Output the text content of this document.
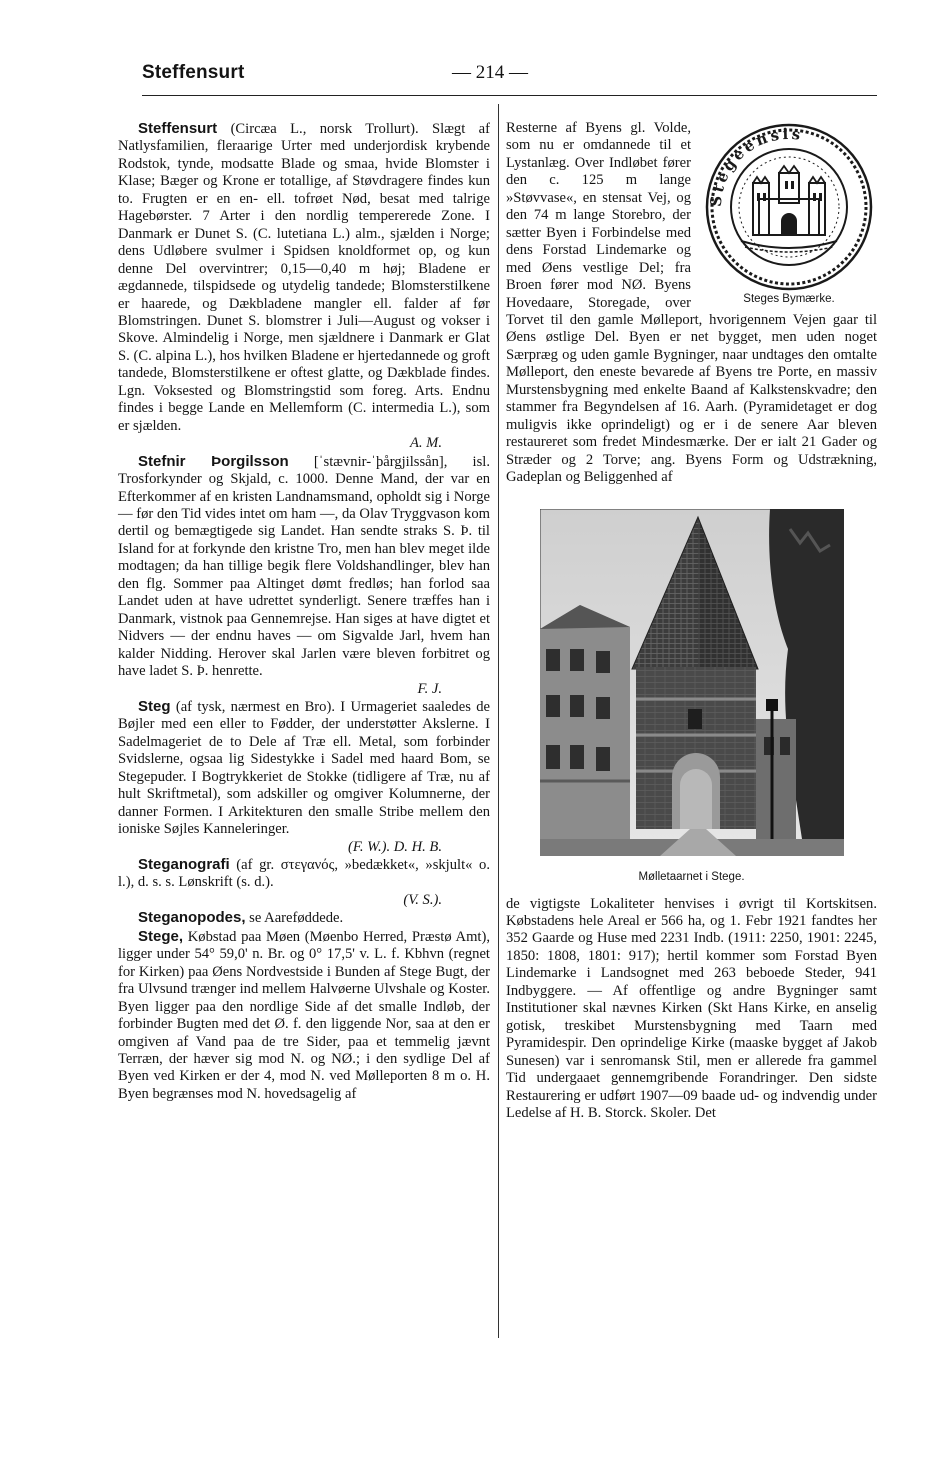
Steffensurt	— 214 —

Steffensurt (Circæa L., norsk Trollurt). Slægt af Natlysfamilien, fleraarige Urter med underjordisk krybende Rodstok, tynde, modsatte Blade og smaa, hvide Blomster i Klase; Bæger og Krone er totallige, af Støvdragere findes kun to. Frugten er en en- ell. tofrøet Nød, besat med talrige Hagebørster. 7 Arter i den nordlig tempererede Zone. I Danmark er Dunet S. (C. lutetiana L.) alm., sjælden i Norge; dens Udløbere svulmer i Spidsen knoldformet op, og kun denne Del overvintrer; 0,15—0,40 m høj; Bladene er ægdannede, tilspidsede og utydelig tandede; Blomsterstilkene er haarede, og Dækbladene mangler ell. falder af før Blomstringen. Dunet S. blomstrer i Juli—August og vokser i Skove. Almindelig i Norge, men sjældnere i Danmark er Glat S. (C. alpina L.), hos hvilken Bladene er hjertedannede og groft tandede, Blomsterstilkene er oftest glatte, og Dækblade findes. Lgn. Voksested og Blomstringstid som foreg. Arts. Endnu findes i begge Lande en Mellemform (C. intermedia L.), som er sjælden.
A. M.

Stefnir Þorgilsson [ˈstævnir-ˈþårgjilssån], isl. Trosforkynder og Skjald, c. 1000. Denne Mand, der var en Efterkommer af en kristen Landnamsmand, opholdt sig i Norge — før den Tid vides intet om ham —, da Olav Tryggvason kom dertil og bemægtigede sig Landet. Han sendte straks S. Þ. til Island for at forkynde den kristne Tro, men han blev meget ilde modtagen; da han tillige begik flere Voldshandlinger, blev han den flg. Sommer paa Altinget dømt fredløs; han forlod saa Landet uden at have udrettet synderligt. Senere træffes han i Danmark, vistnok paa Gennemrejse. Han siges at have digtet et Nidvers — der endnu haves — om Sigvalde Jarl, hvem han kalder Nidding. Herover skal Jarlen være bleven forbitret og have ladet S. Þ. henrette.
F. J.

Steg (af tysk, nærmest en Bro). I Urmageriet saaledes de Bøjler med een eller to Fødder, der understøtter Akslerne. I Sadelmageriet de to Dele af Træ ell. Metal, som forbinder Svidslerne, ogsaa lig Sidestykke i Sadel med haard Bom, se Stegepuder. I Bogtrykkeriet de Stokke (tidligere af Træ, nu af hult Skriftmetal), som adskiller og omgiver Kolumnerne, der danner Formen. I Arkitekturen den smalle Stribe mellem den ioniske Søjles Kanneleringer.
(F. W.). D. H. B.

Steganografi (af gr. στεγανός, »bedækket«, »skjult« o. l.), d. s. s. Lønskrift (s. d.).
(V. S.).

Steganopodes, se Aareføddede.

Stege, Købstad paa Møen (Møenbo Herred, Præstø Amt), ligger under 54° 59,0' n. Br. og 0° 17,5' v. L. f. Kbhvn (regnet for Kirken) paa Øens Nordvestside i Bunden af Stege Bugt, der fra Ulvsund trænger ind mellem Halvøerne Ulvshale og Koster. Byen ligger paa den nordlige Side af det smalle Indløb, der forbinder Bugten med det Ø. f. den liggende Nor, saa at den er omgiven af Vand paa de tre Sider, paa et temmelig jævnt Terræn, der hæver sig mod N. og NØ.; i den sydlige Del af Byen ved Kirken er der 4, mod N. ved Mølleporten 8 m o. H. Byen begrænses mod N. hovedsagelig af

Stegeensis
Steges Bymærke.

Resterne af Byens gl. Volde, som nu er omdannede til et Lystanlæg. Over Indløbet fører den c. 125 m lange »Støvvase«, en stensat Vej, og den 74 m lange Storebro, der sætter Byen i Forbindelse med dens Forstad Lindemarke og med Øens vestlige Del; fra Broen fører mod NØ. Byens Hovedaare, Storegade, over Torvet til den gamle Mølleport, hvorigennem Vejen gaar til Øens østlige Del. Byen er net bygget, men uden noget Særpræg og uden gamle Bygninger, naar undtages den omtalte Mølleport, den eneste bevarede af Byens tre Porte, en massiv Murstensbygning med enkelte Baand af Kalkstenskvadre; den stammer fra Begyndelsen af 16. Aarh. (Pyramidetaget er dog muligvis ikke oprindeligt) og er i de senere Aar bleven restaureret som fredet Mindesmærke. Der er ialt 21 Gader og Stræder og 2 Torve; ang. Byens Form og Udstrækning, Gadeplan og Beliggenhed af

Mølletaarnet i Stege.

de vigtigste Lokaliteter henvises i øvrigt til Kortskitsen. Købstadens hele Areal er 566 ha, og 1. Febr 1921 fandtes her 352 Gaarde og Huse med 2231 Indb. (1911: 2250, 1901: 2245, 1850: 1808, 1801: 917); hertil kommer som Forstad Byen Lindemarke i Landsognet med 263 beboede Steder, 941 Indbyggere. — Af offentlige og andre Bygninger samt Institutioner skal nævnes Kirken (Skt Hans Kirke, en anselig gotisk, treskibet Murstensbygning med Taarn med Pyramidespir. Den oprindelige Kirke (maaske bygget af Jakob Sunesen) var i senromansk Stil, men er allerede fra gammel Tid undergaaet gennemgribende Forandringer. Den sidste Restaurering er udført 1907—09 baade ud- og indvendig under Ledelse af H. B. Storck. Skoler. Det
